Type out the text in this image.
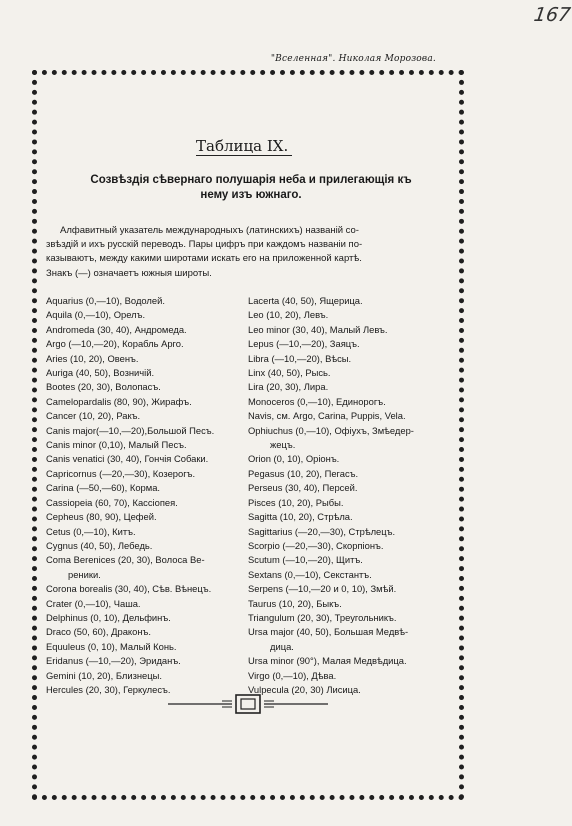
167
"Вселенная". Николая Морозова.
Таблица IX.
Созвѣздія сѣвернаго полушарія неба и прилегающія къ
нему изъ южнаго.
Алфавитный указатель международныхъ (латинскихъ) названій со-
звѣздій и ихъ русскій переводъ. Пары цифръ при каждомъ названіи по-
казываютъ, между какими широтами искать его на приложенной картѣ.
Знакъ (—) означаетъ южныя широты.
Aquarius (0,—10), Водолей.
Aquila (0,—10), Орелъ.
Andromeda (30, 40), Андромеда.
Argo (—10,—20), Корабль Арго.
Aries (10, 20), Овенъ.
Auriga (40, 50), Возничій.
Bootes (20, 30), Волопасъ.
Camelopardalis (80, 90), Жирафъ.
Cancer (10, 20), Ракъ.
Canis major(—10,—20),Большой Песъ.
Canis minor (0,10), Малый Песъ.
Canis venatici (30, 40), Гончія Собаки.
Capricornus (—20,—30), Козерогъ.
Carina (—50,—60), Корма.
Cassiopeia (60, 70), Кассіопея.
Cepheus (80, 90), Цефей.
Cetus (0,—10), Китъ.
Cygnus (40, 50), Лебедь.
Coma Berenices (20, 30), Волоса Ве-
реники.
Corona borealis (30, 40), Сѣв. Вѣнецъ.
Crater (0,—10), Чаша.
Delphinus (0, 10), Дельфинъ.
Draco (50, 60), Драконъ.
Equuleus (0, 10), Малый Конь.
Eridanus (—10,—20), Эриданъ.
Gemini (10, 20), Близнецы.
Hercules (20, 30), Геркулесъ.
Lacerta (40, 50), Ящерица.
Leo (10, 20), Левъ.
Leo minor (30, 40), Малый Левъ.
Lepus (—10,—20), Заяцъ.
Libra (—10,—20), Вѣсы.
Linx (40, 50), Рысь.
Lira (20, 30), Лира.
Monoceros (0,—10), Единорогъ.
Navis, см. Argo, Carina, Puppis, Vela.
Ophiuchus (0,—10), Офіухъ, Змѣедер-
жецъ.
Orion (0, 10), Оріонъ.
Pegasus (10, 20), Пегасъ.
Perseus (30, 40), Персей.
Pisces (10, 20), Рыбы.
Sagitta (10, 20), Стрѣла.
Sagittarius (—20,—30), Стрѣлецъ.
Scorpio (—20,—30), Скорпіонъ.
Scutum (—10,—20), Щитъ.
Sextans (0,—10), Секстантъ.
Serpens (—10,—20 и 0, 10), Змѣй.
Taurus (10, 20), Быкъ.
Triangulum (20, 30), Треугольникъ.
Ursa major (40, 50), Большая Медвѣ-
дица.
Ursa minor (90°), Малая Медвѣдица.
Virgo (0,—10), Дѣва.
Vulpecula (20, 30) Лисица.
